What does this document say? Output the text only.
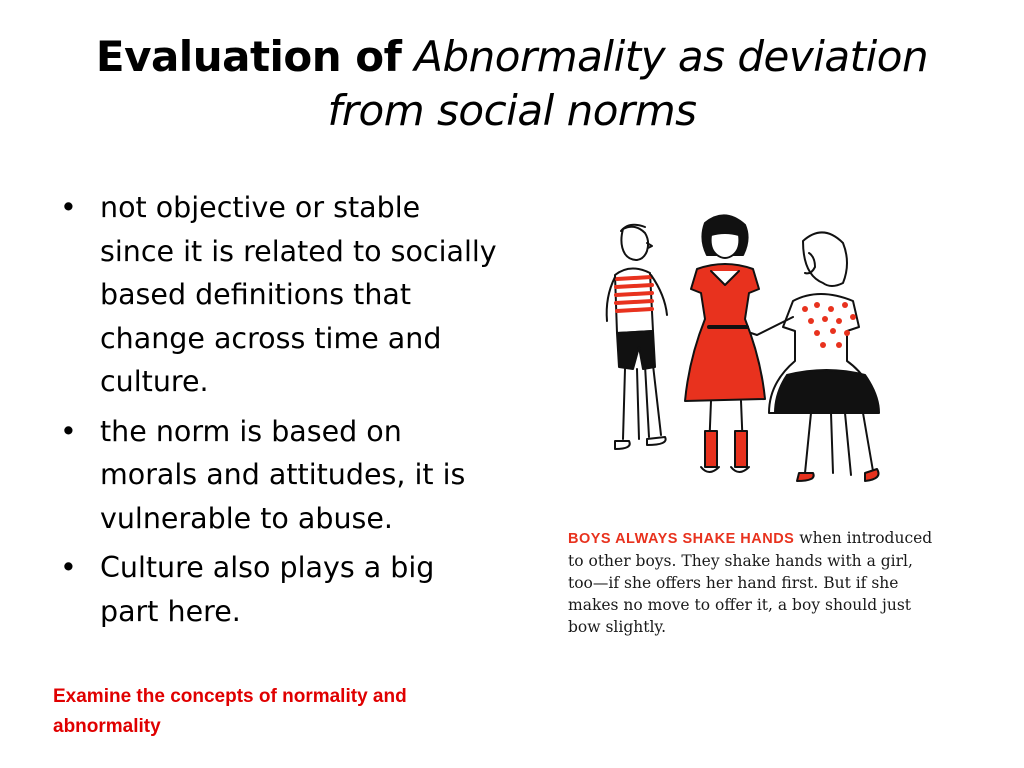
Evaluation of Abnormality as deviation
from social norms
• not objective or stable since it is related to socially based definitions that change across time and culture.
• the norm is based on morals and attitudes, it is vulnerable to abuse.
• Culture also plays a big part here.
BOYS ALWAYS SHAKE HANDS when introduced to other boys. They shake hands with a girl, too—if she offers her hand first. But if she makes no move to offer it, a boy should just bow slightly.
Examine the concepts of normality and abnormality
